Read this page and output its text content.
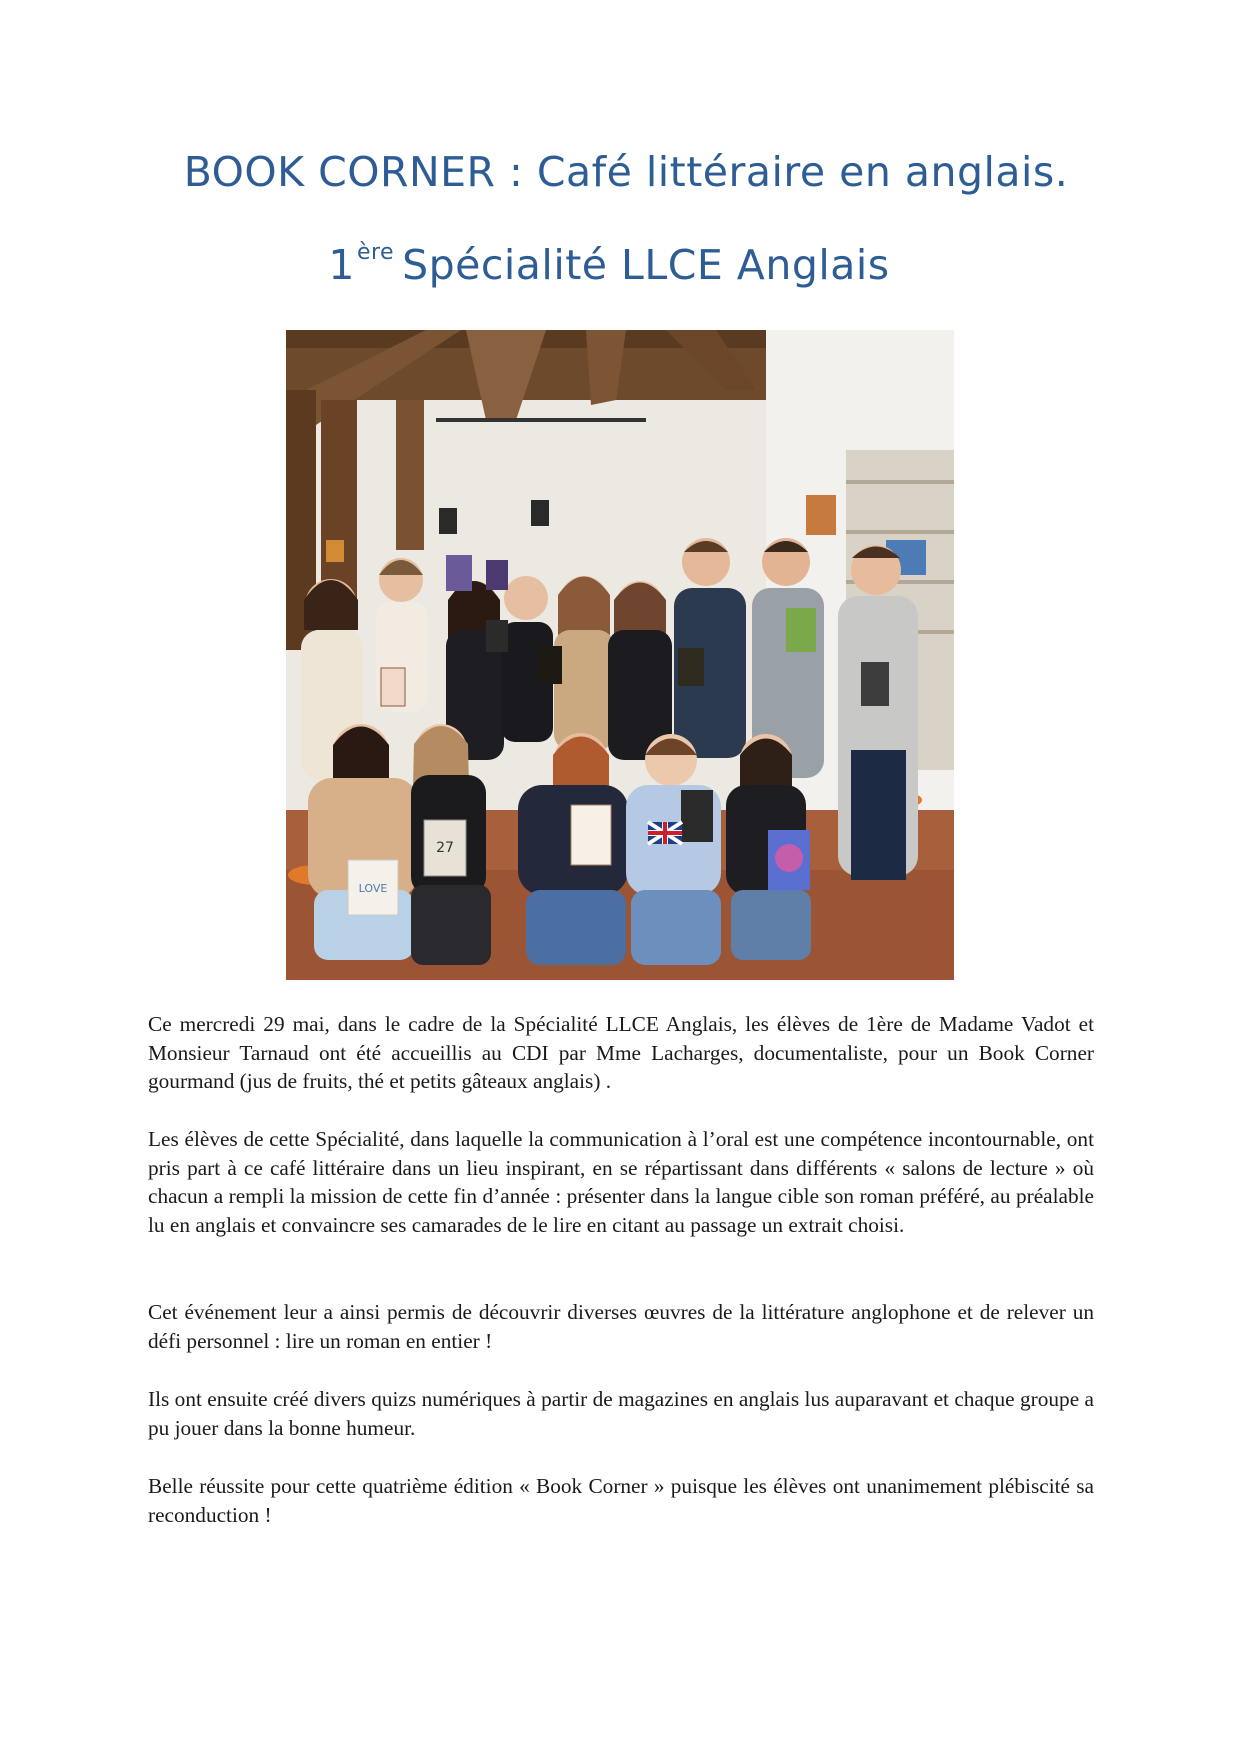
BOOK CORNER : Café littéraire en anglais.
1ère Spécialité LLCE Anglais
LOVE
27

Ce mercredi 29 mai, dans le cadre de la Spécialité LLCE Anglais, les élèves de 1ère de Madame Vadot et Monsieur Tarnaud ont été accueillis au CDI par Mme Lacharges, documentaliste, pour un Book Corner gourmand (jus de fruits, thé et petits gâteaux anglais) .

Les élèves de cette Spécialité, dans laquelle la communication à l’oral est une compétence incontournable, ont pris part à ce café littéraire dans un lieu inspirant, en se répartissant dans différents « salons de lecture » où chacun a rempli la mission de cette fin d’année : présenter dans la langue cible son roman préféré, au préalable lu en anglais et convaincre ses camarades de le lire en citant au passage un extrait choisi.

Cet événement leur a ainsi permis de découvrir diverses œuvres de la littérature anglophone et de relever un défi personnel : lire un roman en entier !

Ils ont ensuite créé divers quizs numériques à partir de magazines en anglais lus auparavant et chaque groupe a pu jouer dans la bonne humeur.

Belle réussite pour cette quatrième édition « Book Corner » puisque les élèves ont unanimement plébiscité sa reconduction !
